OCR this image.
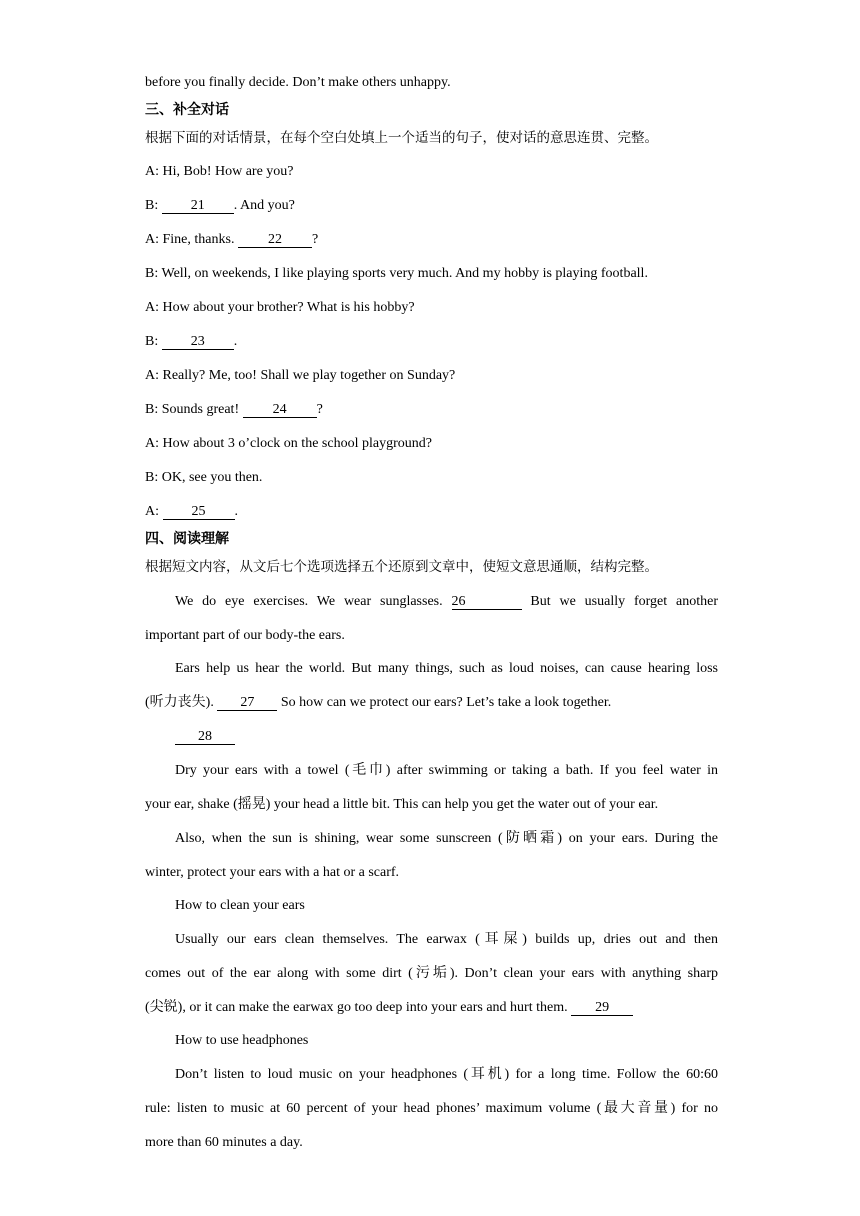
before you finally decide. Don’t make others unhappy.
三、补全对话
根据下面的对话情景，在每个空白处填上一个适当的句子，使对话的意思连贯、完整。
A: Hi, Bob! How are you?
B: 21 . And you?
A: Fine, thanks. 22 ?
B: Well, on weekends, I like playing sports very much. And my hobby is playing football.
A: How about your brother? What is his hobby?
B: 23 .
A: Really? Me, too! Shall we play together on Sunday?
B: Sounds great! 24 ?
A: How about 3 o’clock on the school playground?
B: OK, see you then.
A: 25 .
四、阅读理解
根据短文内容，从文后七个选项选择五个还原到文章中，使短文意思通顺，结构完整。
We do eye exercises. We wear sunglasses. 26	But we usually forget another
important part of our body-the ears.
Ears help us hear the world. But many things, such as loud noises, can cause hearing loss
(听力丧失). 27 So how can we protect our ears? Let’s take a look together.
28
Dry your ears with a towel (毛巾) after swimming or taking a bath. If you feel water in
your ear, shake (摇晃) your head a little bit. This can help you get the water out of your ear.
Also, when the sun is shining, wear some sunscreen (防晒霜) on your ears. During the
winter, protect your ears with a hat or a scarf.
How to clean your ears
Usually our ears clean themselves. The earwax (耳屎) builds up, dries out and then
comes out of the ear along with some dirt (污垢). Don’t clean your ears with anything sharp
(尖锐), or it can make the earwax go too deep into your ears and hurt them. 29
How to use headphones
Don’t listen to loud music on your headphones (耳机) for a long time. Follow the 60:60
rule: listen to music at 60 percent of your head phones’ maximum volume (最大音量) for no
more than 60 minutes a day.
